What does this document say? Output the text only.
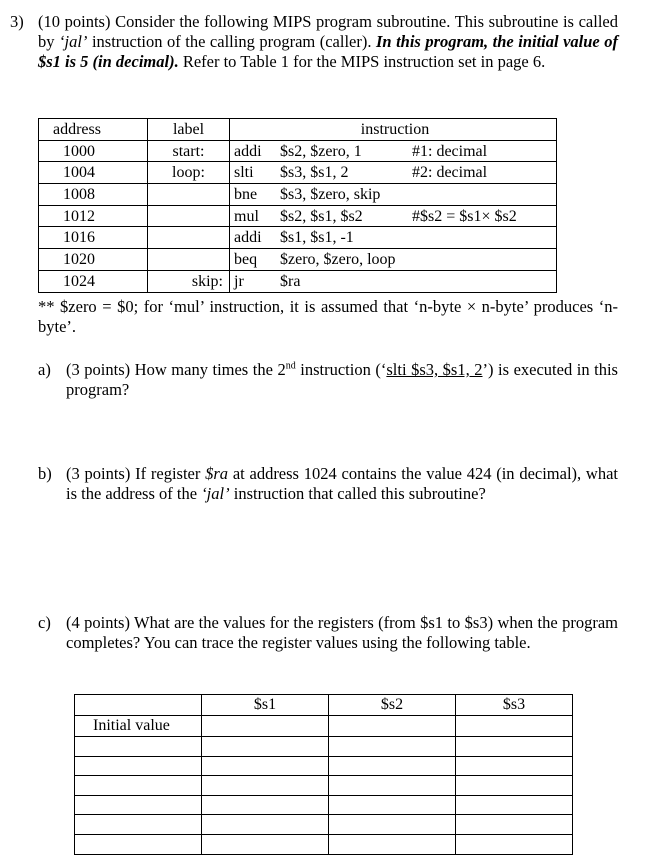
3) (10 points) Consider the following MIPS program subroutine. This subroutine is called by ‘jal’ instruction of the calling program (caller). In this program, the initial value of $s1 is 5 (in decimal). Refer to Table 1 for the MIPS instruction set in page 6.
address	label	instruction
1000	start:	addi $s2, $zero, 1 #1: decimal
1004	loop:	slti $s3, $s1, 2 #2: decimal
1008		bne $s3, $zero, skip
1012		mul $s2, $s1, $s2 #$s2 = $s1× $s2
1016		addi $s1, $s1, -1
1020		beq $zero, $zero, loop
1024	skip:	jr $ra
** $zero = $0; for ‘mul’ instruction, it is assumed that ‘n-byte × n-byte’ produces ‘n-byte’.
a) (3 points) How many times the 2nd instruction (‘slti $s3, $s1, 2’) is executed in this program?
b) (3 points) If register $ra at address 1024 contains the value 424 (in decimal), what is the address of the ‘jal’ instruction that called this subroutine?
c) (4 points) What are the values for the registers (from $s1 to $s3) when the program completes? You can trace the register values using the following table.
	$s1	$s2	$s3
Initial value			
